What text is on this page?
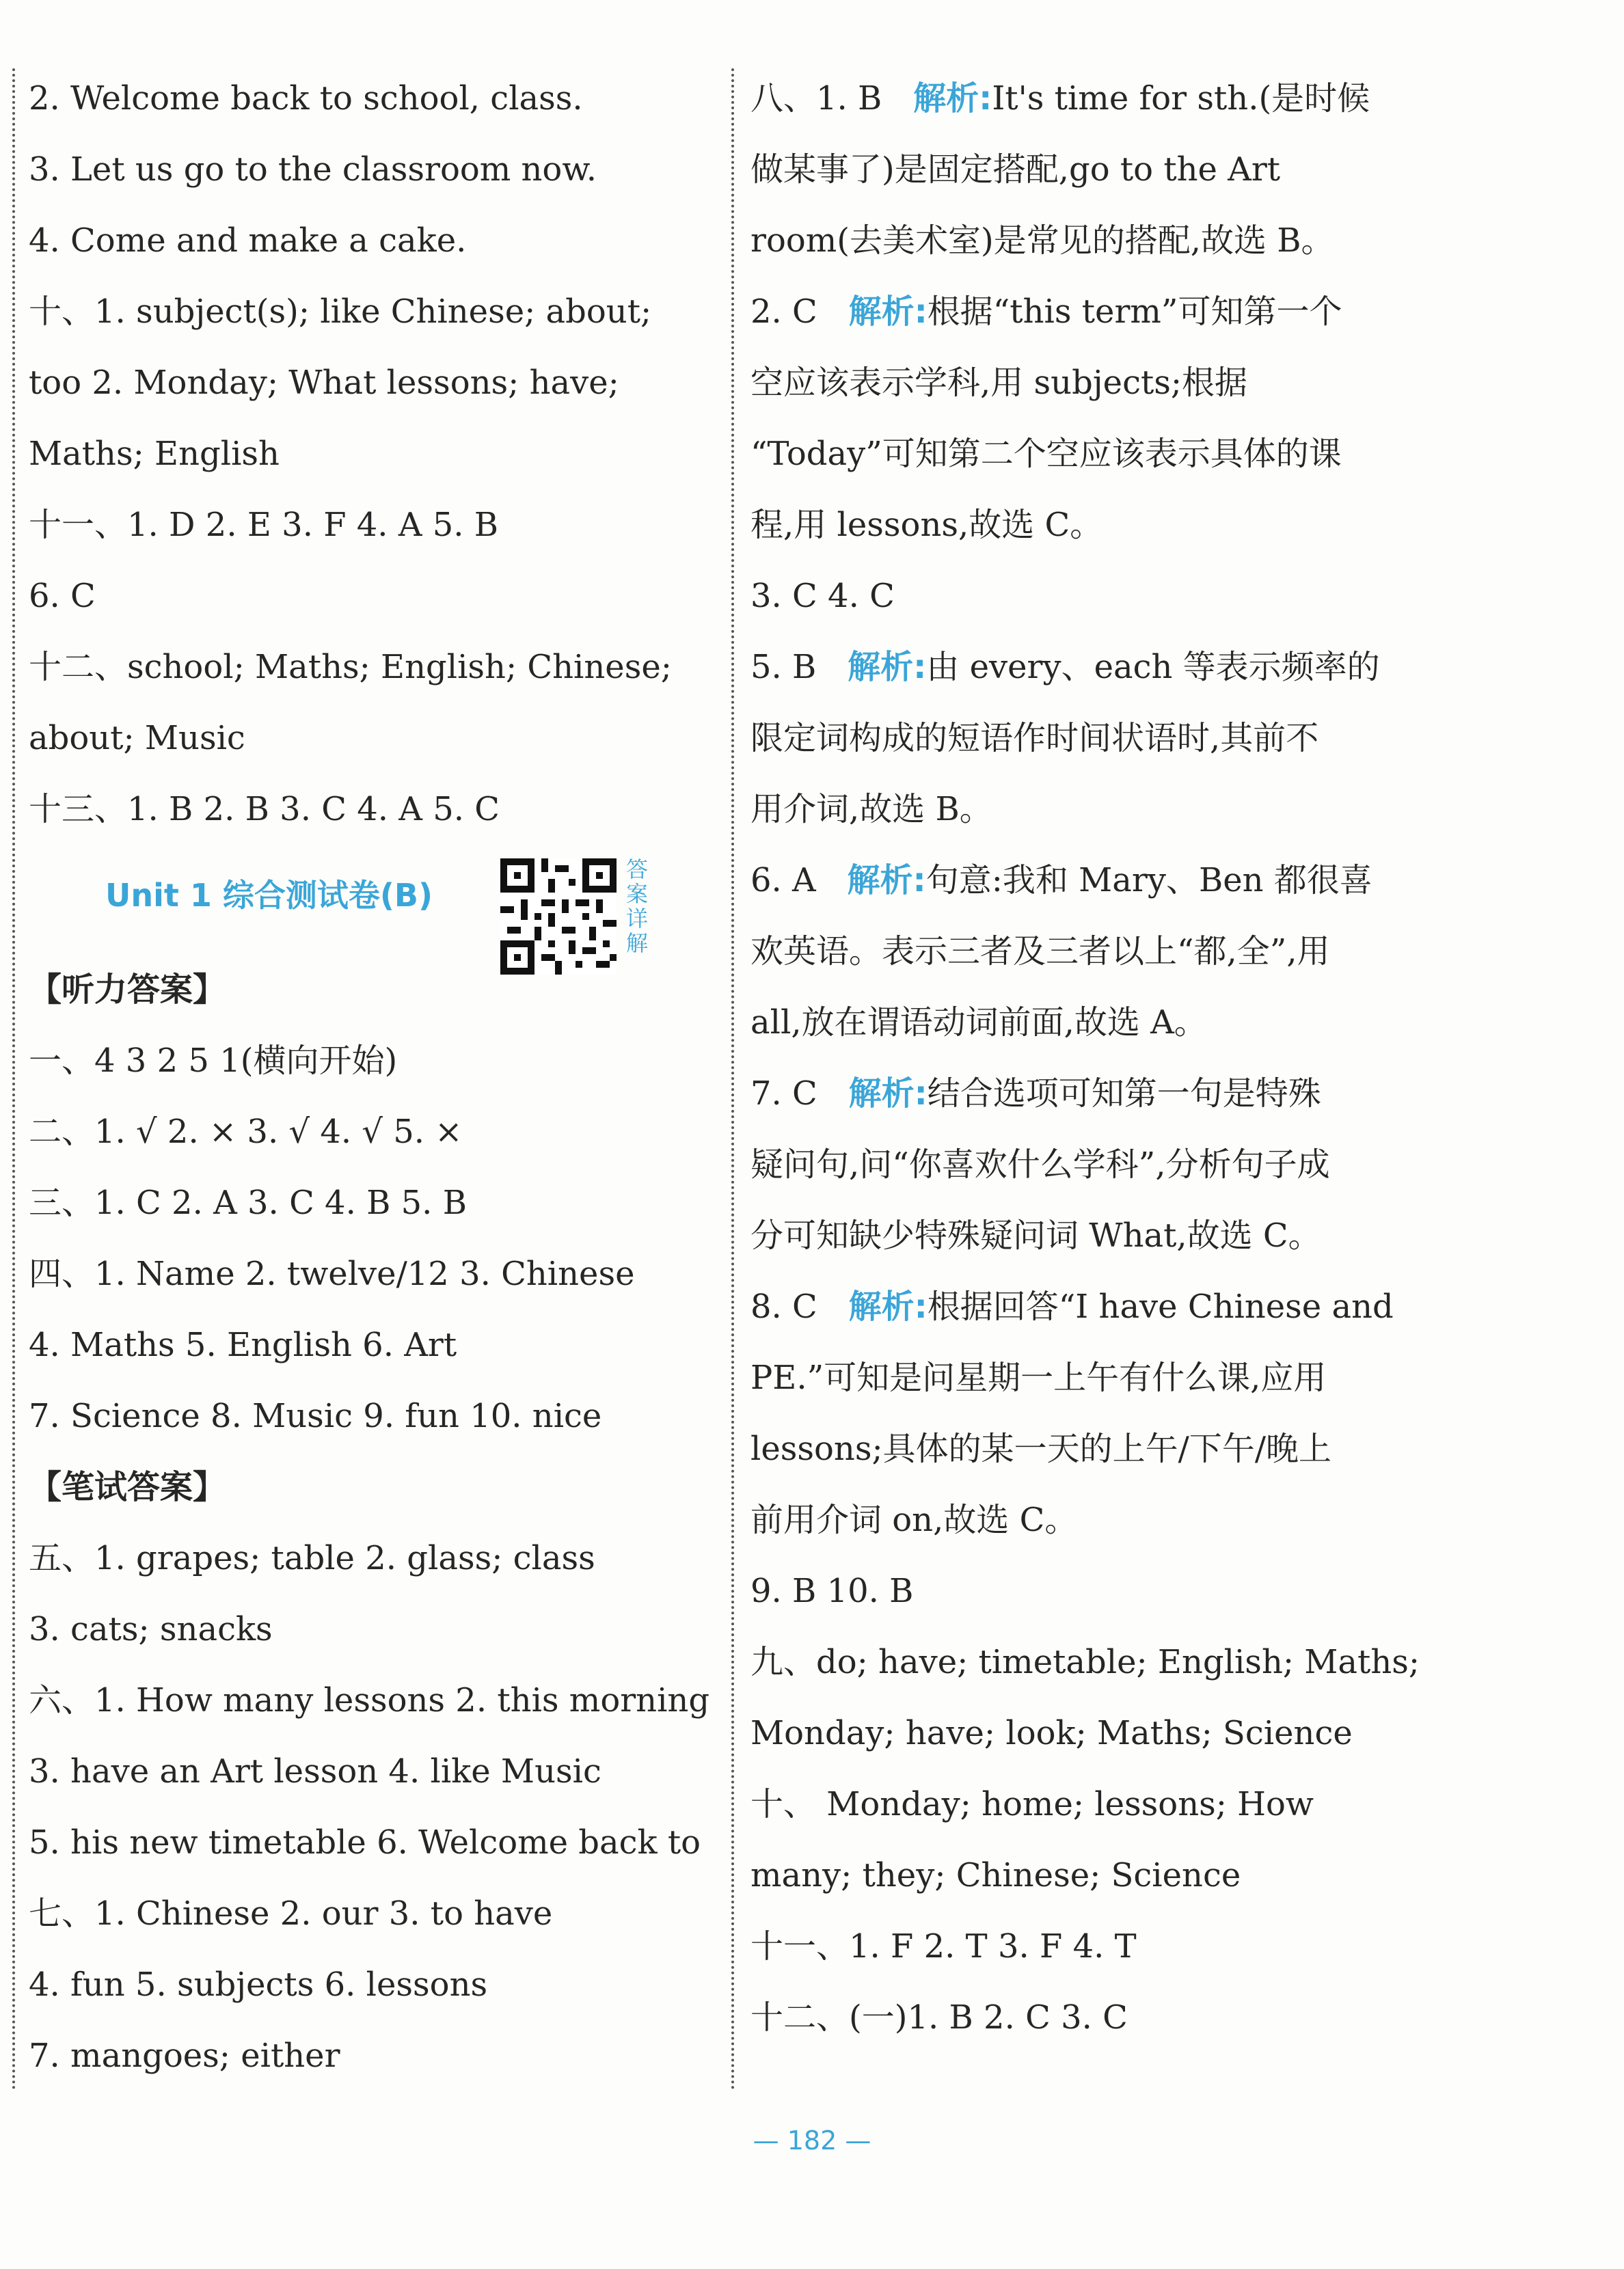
2. Welcome back to school, class.
3. Let us go to the classroom now.
4. Come and make a cake.
十、1. subject(s); like Chinese; about;
too 2. Monday; What lessons; have;
Maths; English
十一、1. D 2. E 3. F 4. A 5. B
6. C
十二、school; Maths; English; Chinese;
about; Music
十三、1. B 2. B 3. C 4. A 5. C
Unit 1 综合测试卷(B)
答案详解
【听力答案】
一、4 3 2 5 1(横向开始)
二、1. √ 2. × 3. √ 4. √ 5. ×
三、1. C 2. A 3. C 4. B 5. B
四、1. Name 2. twelve/12 3. Chinese
4. Maths 5. English 6. Art
7. Science 8. Music 9. fun 10. nice
【笔试答案】
五、1. grapes; table 2. glass; class
3. cats; snacks
六、1. How many lessons 2. this morning
3. have an Art lesson 4. like Music
5. his new timetable 6. Welcome back to
七、1. Chinese 2. our 3. to have
4. fun 5. subjects 6. lessons
7. mangoes; either
八、1. B 解析:It's time for sth.(是时候
做某事了)是固定搭配,go to the Art
room(去美术室)是常见的搭配,故选 B。
2. C 解析:根据“this term”可知第一个
空应该表示学科,用 subjects;根据
“Today”可知第二个空应该表示具体的课
程,用 lessons,故选 C。
3. C 4. C
5. B 解析:由 every、each 等表示频率的
限定词构成的短语作时间状语时,其前不
用介词,故选 B。
6. A 解析:句意:我和 Mary、Ben 都很喜
欢英语。表示三者及三者以上“都,全”,用
all,放在谓语动词前面,故选 A。
7. C 解析:结合选项可知第一句是特殊
疑问句,问“你喜欢什么学科”,分析句子成
分可知缺少特殊疑问词 What,故选 C。
8. C 解析:根据回答“I have Chinese and
PE.”可知是问星期一上午有什么课,应用
lessons;具体的某一天的上午/下午/晚上
前用介词 on,故选 C。
9. B 10. B
九、do; have; timetable; English; Maths;
Monday; have; look; Maths; Science
十、 Monday; home; lessons; How
many; they; Chinese; Science
十一、1. F 2. T 3. F 4. T
十二、(一)1. B 2. C 3. C
— 182 —
